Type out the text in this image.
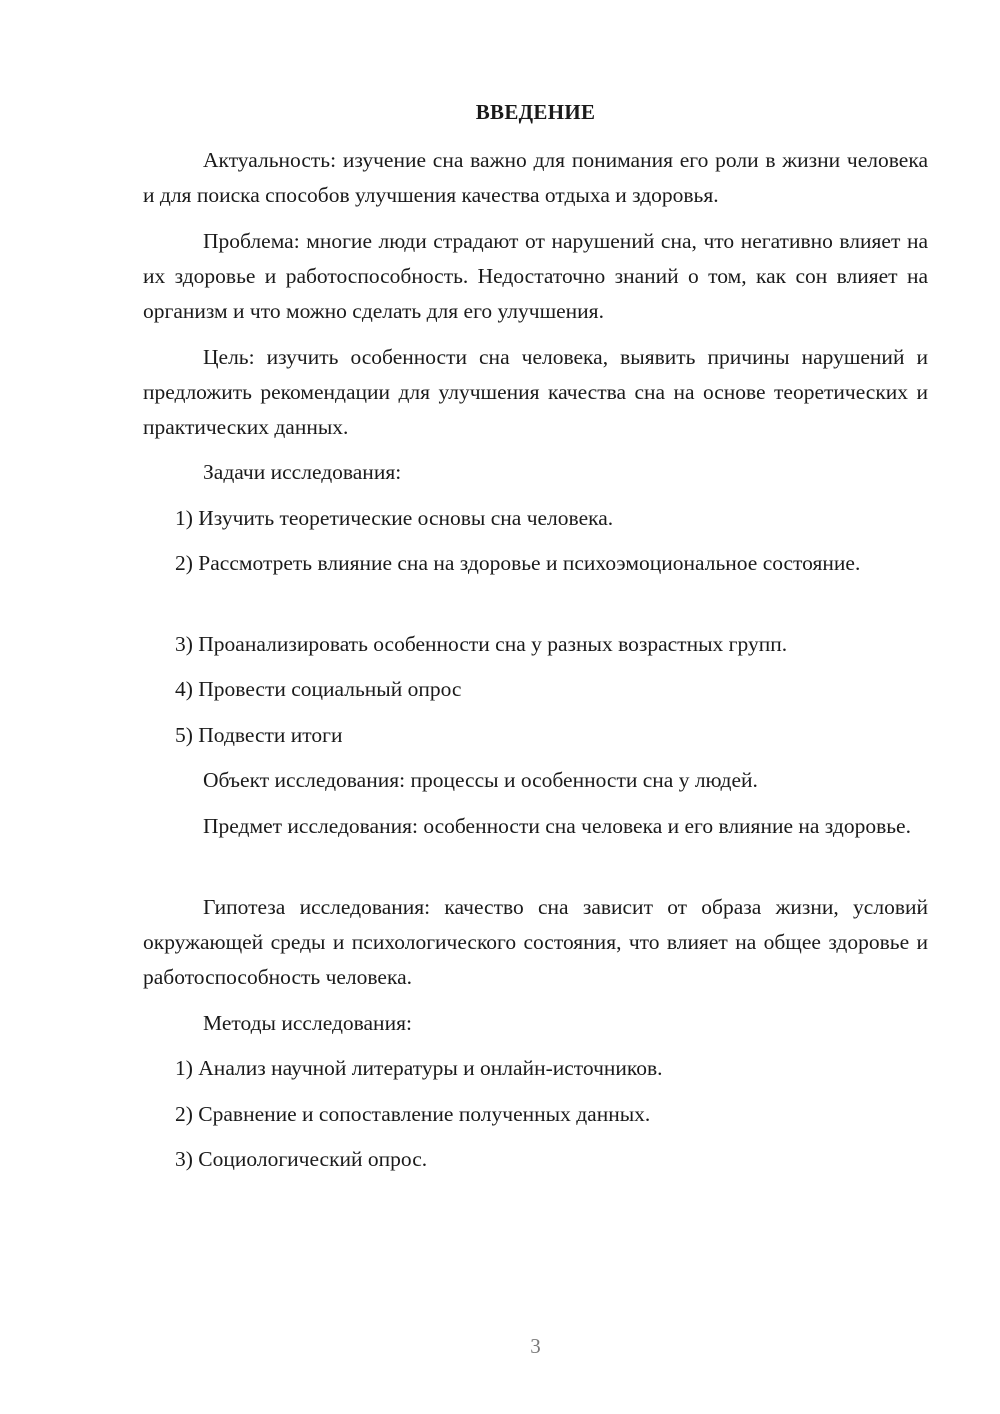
ВВЕДЕНИЕ
Актуальность: изучение сна важно для понимания его роли в жизни человека и для поиска способов улучшения качества отдыха и здоровья.
Проблема: многие люди страдают от нарушений сна, что негативно влияет на их здоровье и работоспособность. Недостаточно знаний о том, как сон влияет на организм и что можно сделать для его улучшения.
Цель: изучить особенности сна человека, выявить причины нарушений и предложить рекомендации для улучшения качества сна на основе теоретических и практических данных.
Задачи исследования:
1) Изучить теоретические основы сна человека.
2) Рассмотреть влияние сна на здоровье и психоэмоциональное состояние.
3) Проанализировать особенности сна у разных возрастных групп.
4) Провести социальный опрос
5) Подвести итоги
Объект исследования: процессы и особенности сна у людей.
Предмет исследования: особенности сна человека и его влияние на здоровье.
Гипотеза исследования: качество сна зависит от образа жизни, условий окружающей среды и психологического состояния, что влияет на общее здоровье и работоспособность человека.
Методы исследования:
1) Анализ научной литературы и онлайн-источников.
2) Сравнение и сопоставление полученных данных.
3) Социологический опрос.
3
